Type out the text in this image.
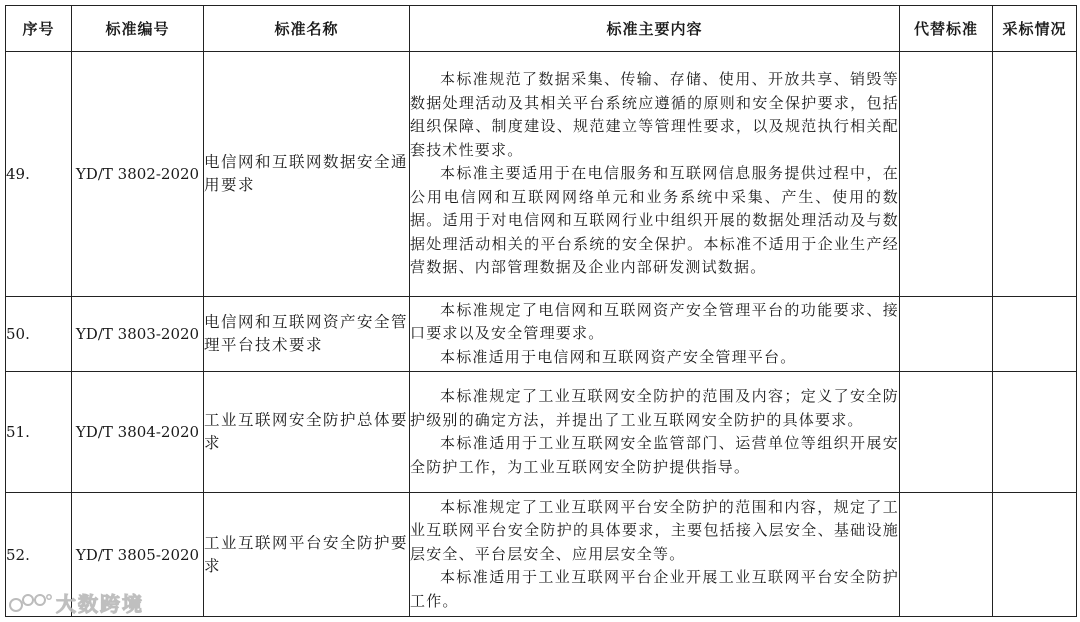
序号	标准编号	标准名称	标准主要内容	代替标准	采标情况
49.	YD/T 3802-2020	电信网和互联网数据安全通用要求	本标准规范了数据采集、传输、存储、使用、开放共享、销毁等数据处理活动及其相关平台系统应遵循的原则和安全保护要求，包括组织保障、制度建设、规范建立等管理性要求，以及规范执行相关配套技术性要求。

本标准主要适用于在电信服务和互联网信息服务提供过程中，在公用电信网和互联网网络单元和业务系统中采集、产生、使用的数据。适用于对电信网和互联网行业中组织开展的数据处理活动及与数据处理活动相关的平台系统的安全保护。本标准不适用于企业生产经营数据、内部管理数据及企业内部研发测试数据。		

50.	YD/T 3803-2020	电信网和互联网资产安全管理平台技术要求	本标准规定了电信网和互联网资产安全管理平台的功能要求、接口要求以及安全管理要求。

本标准适用于电信网和互联网资产安全管理平台。		

51.	YD/T 3804-2020	工业互联网安全防护总体要求	本标准规定了工业互联网安全防护的范围及内容；定义了安全防护级别的确定方法，并提出了工业互联网安全防护的具体要求。

本标准适用于工业互联网安全监管部门、运营单位等组织开展安全防护工作，为工业互联网安全防护提供指导。		

52.	YD/T 3805-2020	工业互联网平台安全防护要求	本标准规定了工业互联网平台安全防护的范围和内容，规定了工业互联网平台安全防护的具体要求，主要包括接入层安全、基础设施层安全、平台层安全、应用层安全等。

本标准适用于工业互联网平台企业开展工业互联网平台安全防护工作。		

大数跨境
